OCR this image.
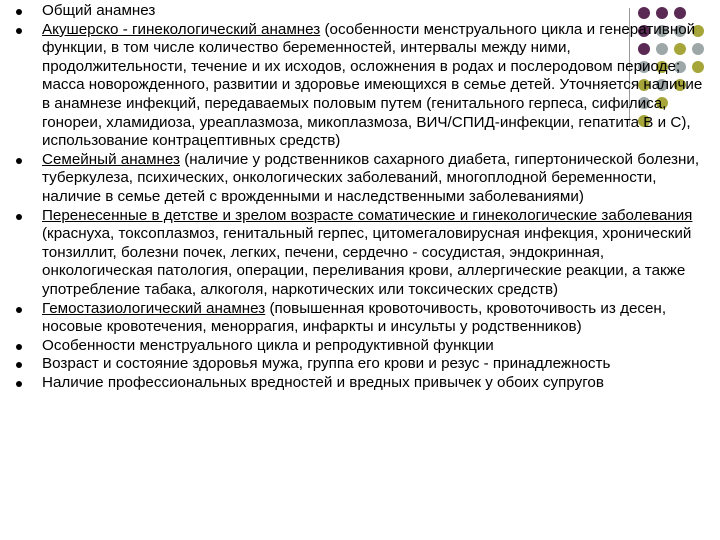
Общий анамнез
Акушерско - гинекологический анамнез (особенности менструального цикла и генеративной функции, в том числе количество беременностей, интервалы между ними, продолжительности, течение и их исходов, осложнения в родах и послеродовом периоде; масса новорожденного, развитии и здоровье имеющихся в семье детей. Уточняется наличие в анамнезе инфекций, передаваемых половым путем (генитального герпеса, сифилиса, гонореи, хламидиоза, уреаплазмоза, микоплазмоза, ВИЧ/СПИД-инфекции, гепатита В и С), использование контрацептивных средств)
Семейный анамнез (наличие у родственников сахарного диабета, гипертонической болезни, туберкулеза, психических, онкологических заболеваний, многоплодной беременности, наличие в семье детей с врожденными и наследственными заболеваниями)
Перенесенные в детстве и зрелом возрасте соматические и гинекологические заболевания (краснуха, токсоплазмоз, генитальный герпес, цитомегаловирусная инфекция, хронический тонзиллит, болезни почек, легких, печени, сердечно - сосудистая, эндокринная, онкологическая патология, операции, переливания крови, аллергические реакции, а также употребление табака, алкоголя, наркотических или токсических средств)
Гемостазиологический анамнез (повышенная кровоточивость, кровоточивость из десен, носовые кровотечения, меноррагия, инфаркты и инсульты у родственников)
Особенности менструального цикла и репродуктивной функции
Возраст и состояние здоровья мужа, группа его крови и резус - принадлежность
Наличие профессиональных вредностей и вредных привычек у обоих супругов
